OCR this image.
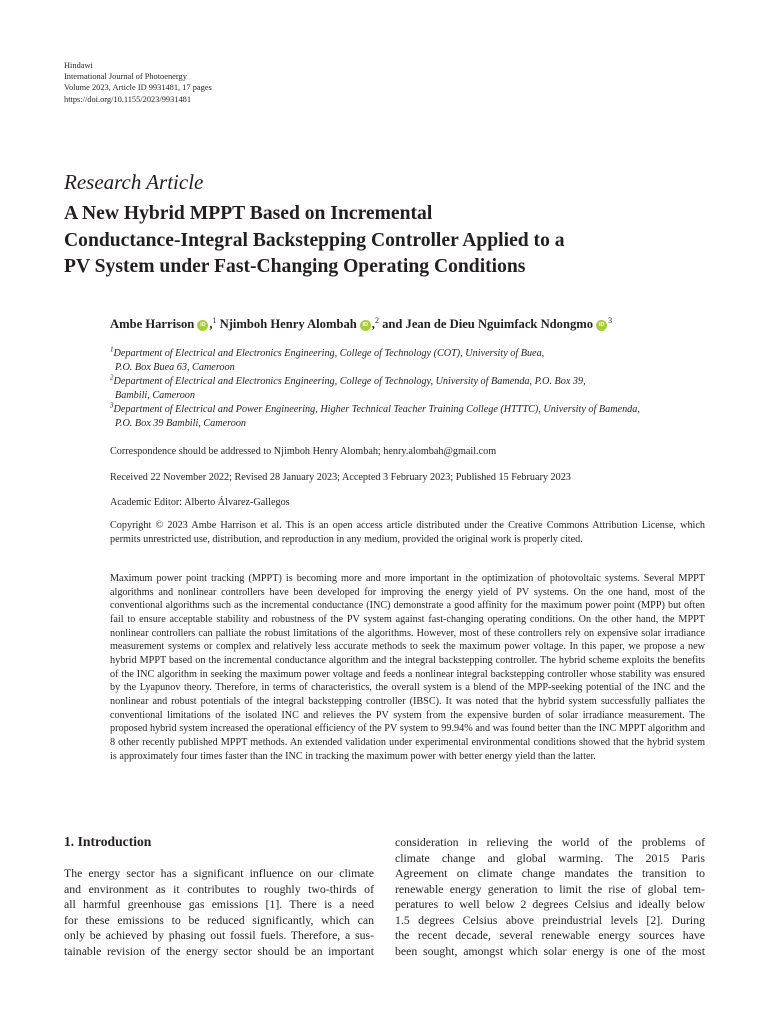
Hindawi
International Journal of Photoenergy
Volume 2023, Article ID 9931481, 17 pages
https://doi.org/10.1155/2023/9931481
Research Article
A New Hybrid MPPT Based on Incremental
Conductance-Integral Backstepping Controller Applied to a
PV System under Fast-Changing Operating Conditions
Ambe Harrison iD ,$^1$ Njimboh Henry Alombah iD ,$^2$ and Jean de Dieu Nguimfack Ndongmo iD $^3$
$^1$Department of Electrical and Electronics Engineering, College of Technology (COT), University of Buea,
P.O. Box Buea 63, Cameroon
$^2$Department of Electrical and Electronics Engineering, College of Technology, University of Bamenda, P.O. Box 39,
Bambili, Cameroon
$^3$Department of Electrical and Power Engineering, Higher Technical Teacher Training College (HTTTC), University of Bamenda,
P.O. Box 39 Bambili, Cameroon
Correspondence should be addressed to Njimboh Henry Alombah; henry.alombah@gmail.com
Received 22 November 2022; Revised 28 January 2023; Accepted 3 February 2023; Published 15 February 2023
Academic Editor: Alberto Álvarez-Gallegos
Copyright © 2023 Ambe Harrison et al. This is an open access article distributed under the Creative Commons Attribution License, which permits unrestricted use, distribution, and reproduction in any medium, provided the original work is properly cited.
Maximum power point tracking (MPPT) is becoming more and more important in the optimization of photovoltaic systems. Several MPPT algorithms and nonlinear controllers have been developed for improving the energy yield of PV systems. On the one hand, most of the conventional algorithms such as the incremental conductance (INC) demonstrate a good affinity for the maximum power point (MPP) but often fail to ensure acceptable stability and robustness of the PV system against fast-changing operating conditions. On the other hand, the MPPT nonlinear controllers can palliate the robust limitations of the algorithms. However, most of these controllers rely on expensive solar irradiance measurement systems or complex and relatively less accurate methods to seek the maximum power voltage. In this paper, we propose a new hybrid MPPT based on the incremental conductance algorithm and the integral backstepping controller. The hybrid scheme exploits the benefits of the INC algorithm in seeking the maximum power voltage and feeds a nonlinear integral backstepping controller whose stability was ensured by the Lyapunov theory. Therefore, in terms of characteristics, the overall system is a blend of the MPP-seeking potential of the INC and the nonlinear and robust potentials of the integral backstepping controller (IBSC). It was noted that the hybrid system successfully palliates the conventional limitations of the isolated INC and relieves the PV system from the expensive burden of solar irradiance measurement. The proposed hybrid system increased the operational efficiency of the PV system to 99.94% and was found better than the INC MPPT algorithm and 8 other recently published MPPT methods. An extended validation under experimental environmental conditions showed that the hybrid system is approximately four times faster than the INC in tracking the maximum power with better energy yield than the latter.
1. Introduction
The energy sector has a significant influence on our climate
and environment as it contributes to roughly two-thirds of
all harmful greenhouse gas emissions [1]. There is a need
for these emissions to be reduced significantly, which can
only be achieved by phasing out fossil fuels. Therefore, a sus-
tainable revision of the energy sector should be an important
consideration in relieving the world of the problems of
climate change and global warming. The 2015 Paris
Agreement on climate change mandates the transition to
renewable energy generation to limit the rise of global tem-
peratures to well below 2 degrees Celsius and ideally below
1.5 degrees Celsius above preindustrial levels [2]. During
the recent decade, several renewable energy sources have
been sought, amongst which solar energy is one of the most
